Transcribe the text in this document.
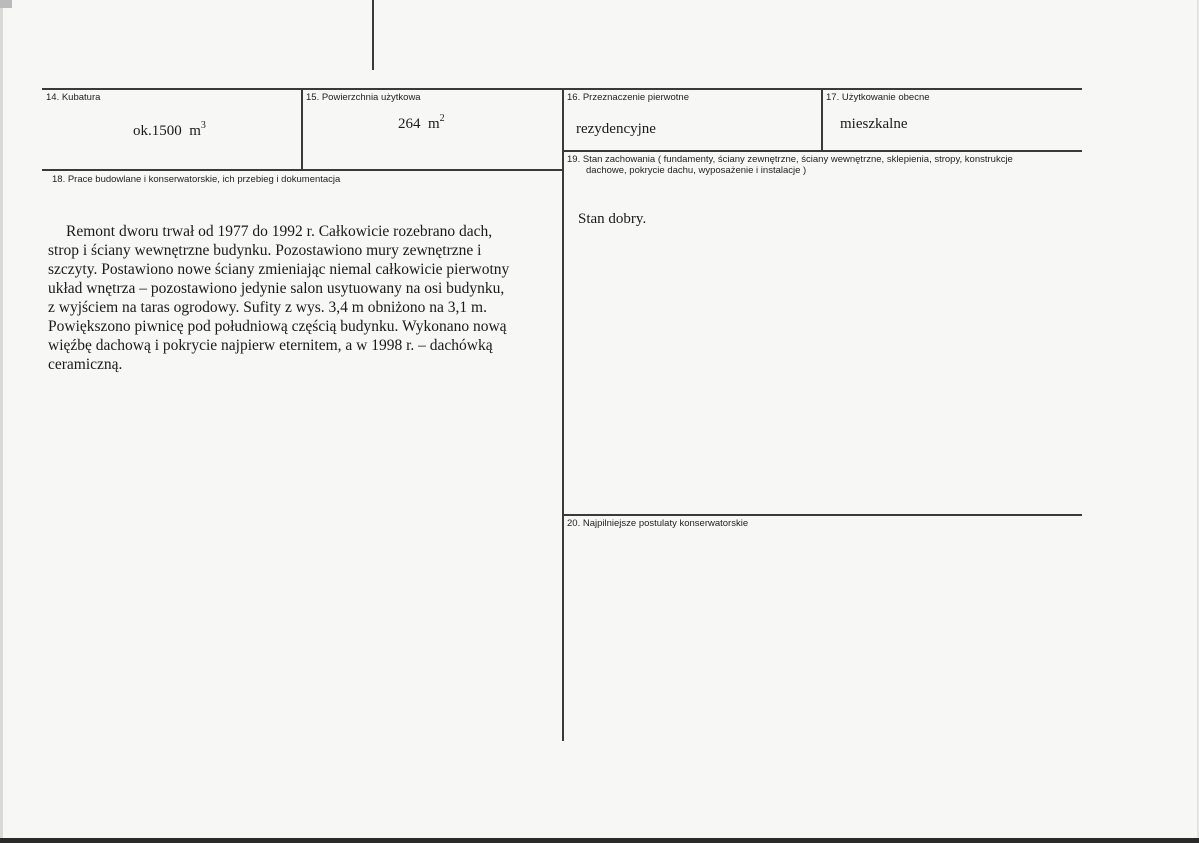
14. Kubatura
ok.1500 $m^3$
15. Powierzchnia użytkowa
264 $m^2$
16. Przeznaczenie pierwotne
rezydencyjne
17. Użytkowanie obecne
mieszkalne
19. Stan zachowania ( fundamenty, ściany zewnętrzne, ściany wewnętrzne, sklepienia, stropy, konstrukcje
dachowe, pokrycie dachu, wyposażenie i instalacje )
Stan dobry.
18. Prace budowlane i konserwatorskie, ich przebieg i dokumentacja
Remont dworu trwał od 1977 do 1992 r. Całkowicie rozebrano dach,
strop i ściany wewnętrzne budynku. Pozostawiono mury zewnętrzne i
szczyty. Postawiono nowe ściany zmieniając niemal całkowicie pierwotny
układ wnętrza – pozostawiono jedynie salon usytuowany na osi budynku,
z wyjściem na taras ogrodowy. Sufity z wys. 3,4 m obniżono na 3,1 m.
Powiększono piwnicę pod południową częścią budynku. Wykonano nową
więźbę dachową i pokrycie najpierw eternitem, a w 1998 r. – dachówką
ceramiczną.
20. Najpilniejsze postulaty konserwatorskie
